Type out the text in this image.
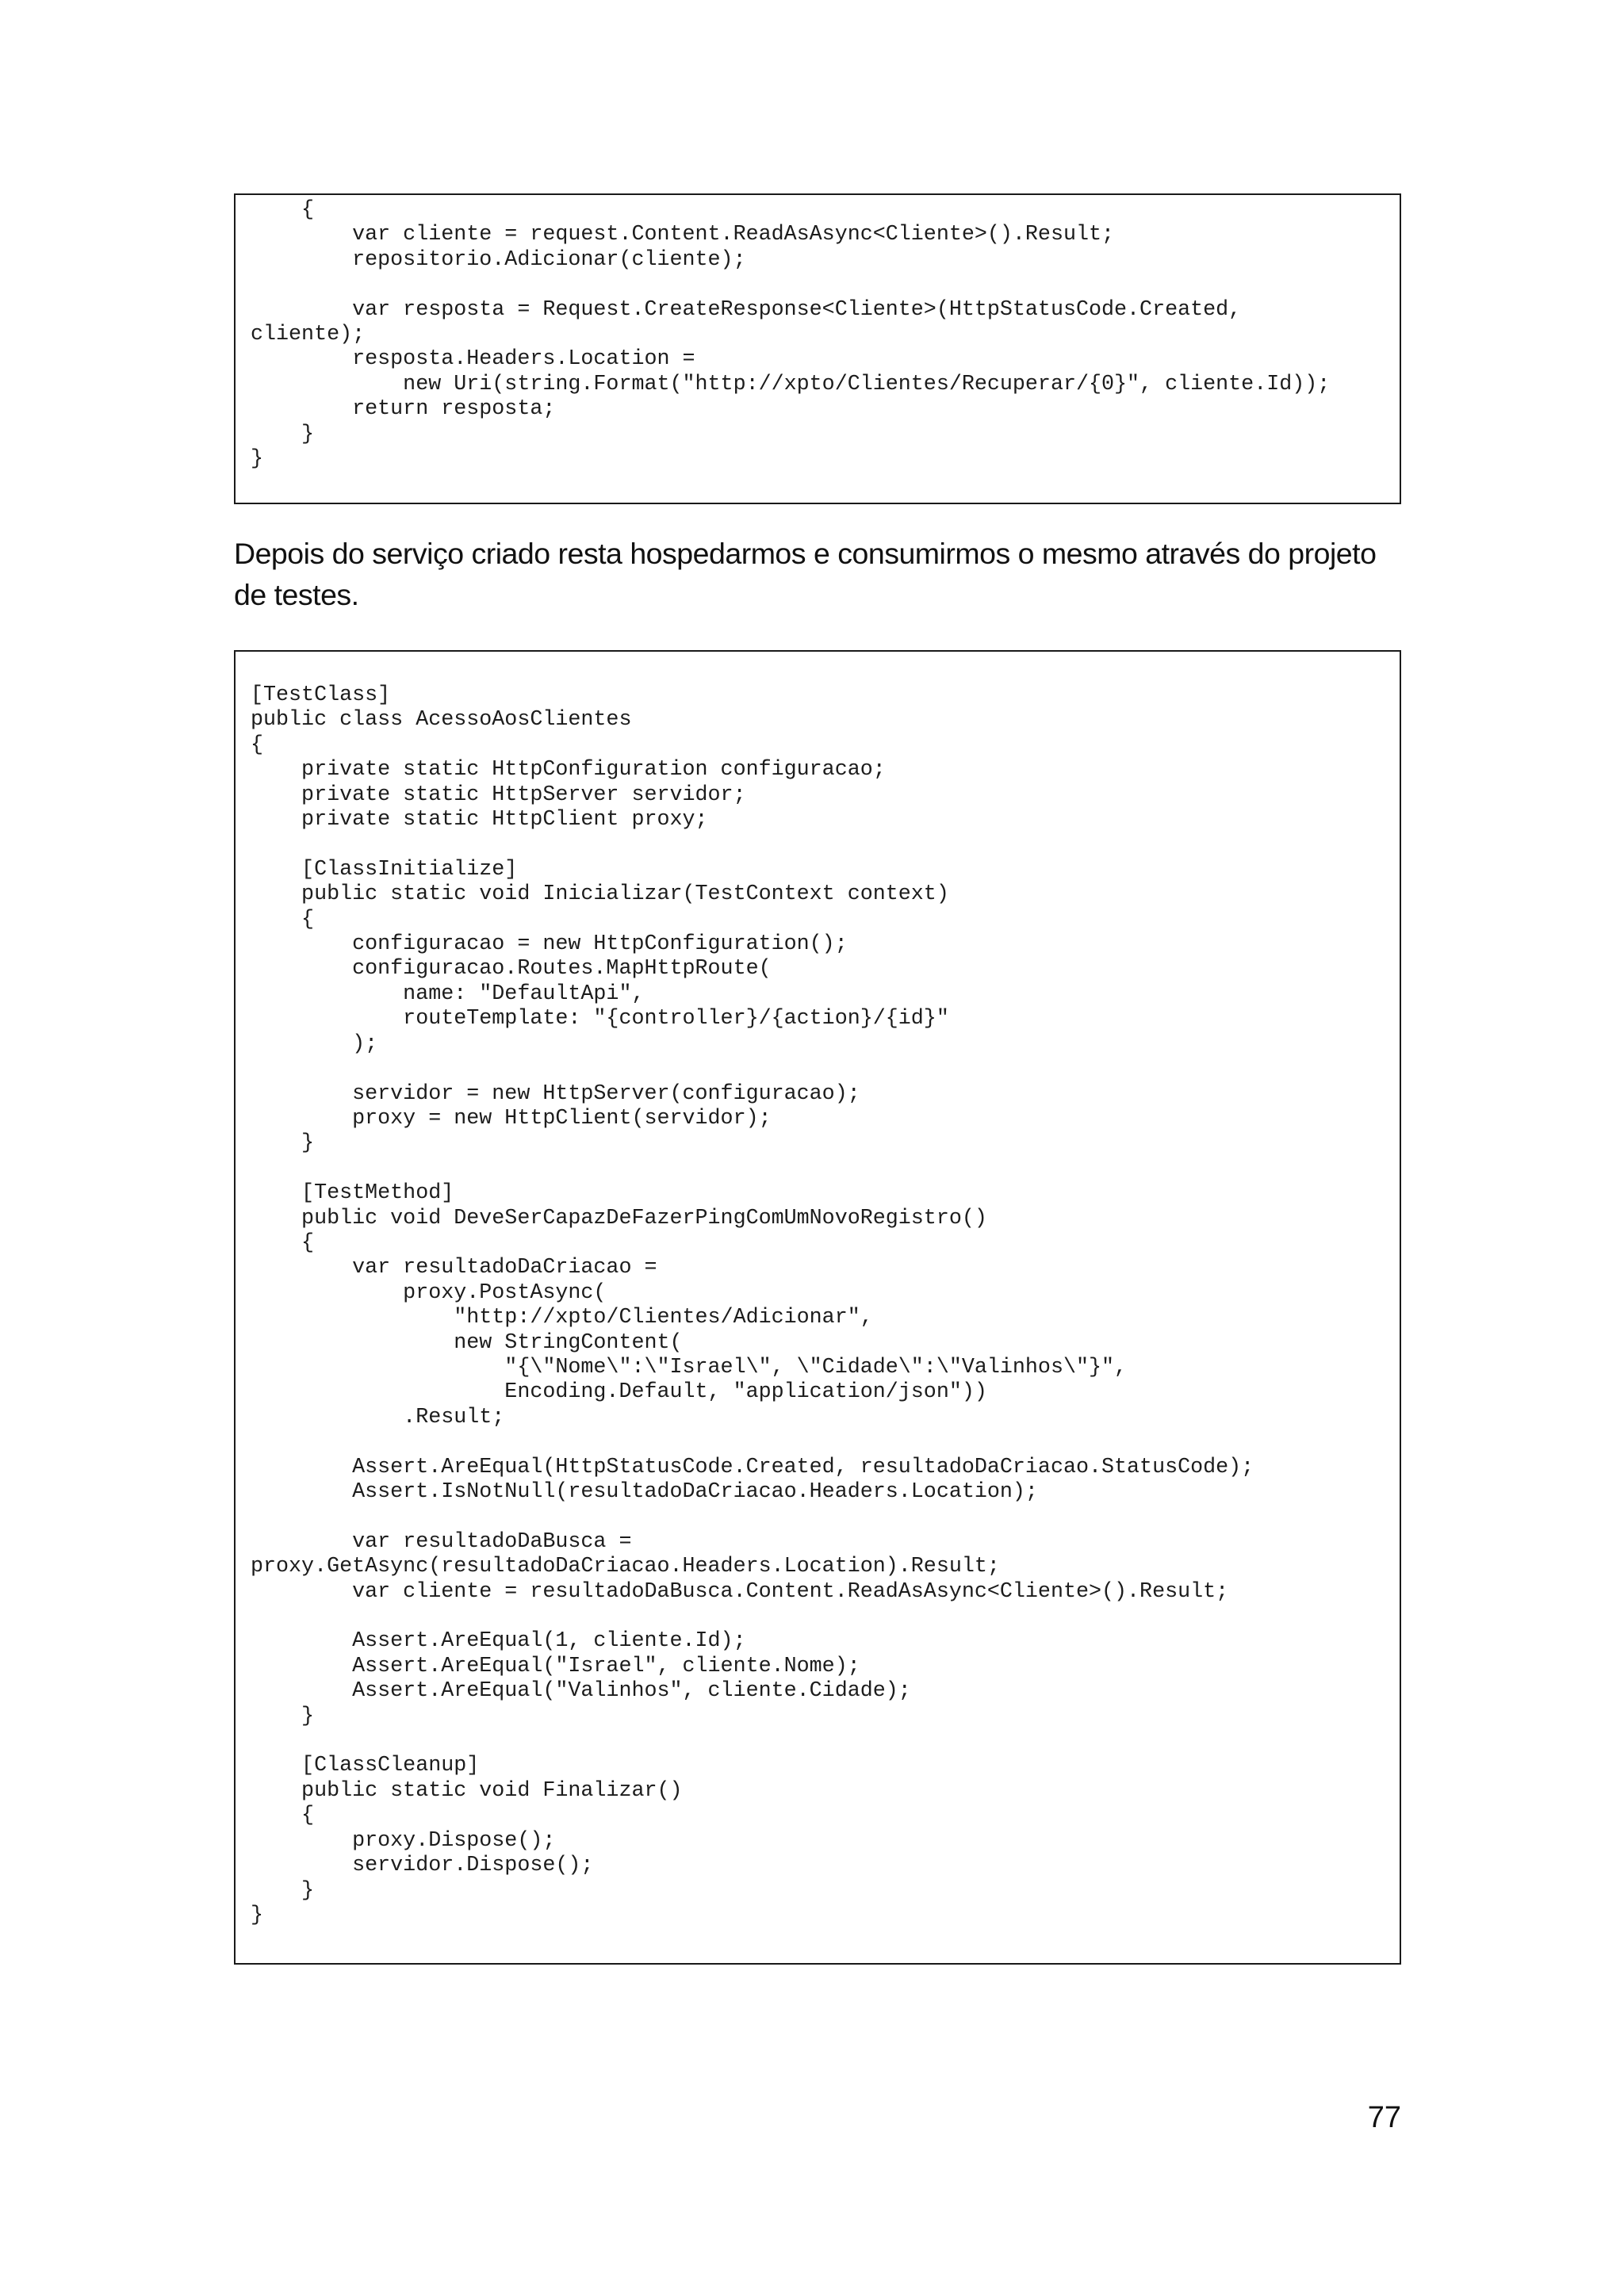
{
var cliente = request.Content.ReadAsAsync<Cliente>().Result;
repositorio.Adicionar(cliente);

var resposta = Request.CreateResponse<Cliente>(HttpStatusCode.Created,
cliente);
resposta.Headers.Location =
new Uri(string.Format("http://xpto/Clientes/Recuperar/{0}", cliente.Id));
return resposta;
}
}

Depois do serviço criado resta hospedarmos e consumirmos o mesmo através do projeto de testes.

[TestClass]
public class AcessoAosClientes
{
private static HttpConfiguration configuracao;
private static HttpServer servidor;
private static HttpClient proxy;

[ClassInitialize]
public static void Inicializar(TestContext context)
{
configuracao = new HttpConfiguration();
configuracao.Routes.MapHttpRoute(
name: "DefaultApi",
routeTemplate: "{controller}/{action}/{id}"
);

servidor = new HttpServer(configuracao);
proxy = new HttpClient(servidor);
}

[TestMethod]
public void DeveSerCapazDeFazerPingComUmNovoRegistro()
{
var resultadoDaCriacao =
proxy.PostAsync(
"http://xpto/Clientes/Adicionar",
new StringContent(
"{\"Nome\":\"Israel\", \"Cidade\":\"Valinhos\"}",
Encoding.Default, "application/json"))
.Result;

Assert.AreEqual(HttpStatusCode.Created, resultadoDaCriacao.StatusCode);
Assert.IsNotNull(resultadoDaCriacao.Headers.Location);

var resultadoDaBusca =
proxy.GetAsync(resultadoDaCriacao.Headers.Location).Result;
var cliente = resultadoDaBusca.Content.ReadAsAsync<Cliente>().Result;

Assert.AreEqual(1, cliente.Id);
Assert.AreEqual("Israel", cliente.Nome);
Assert.AreEqual("Valinhos", cliente.Cidade);
}

[ClassCleanup]
public static void Finalizar()
{
proxy.Dispose();
servidor.Dispose();
}
}
77
